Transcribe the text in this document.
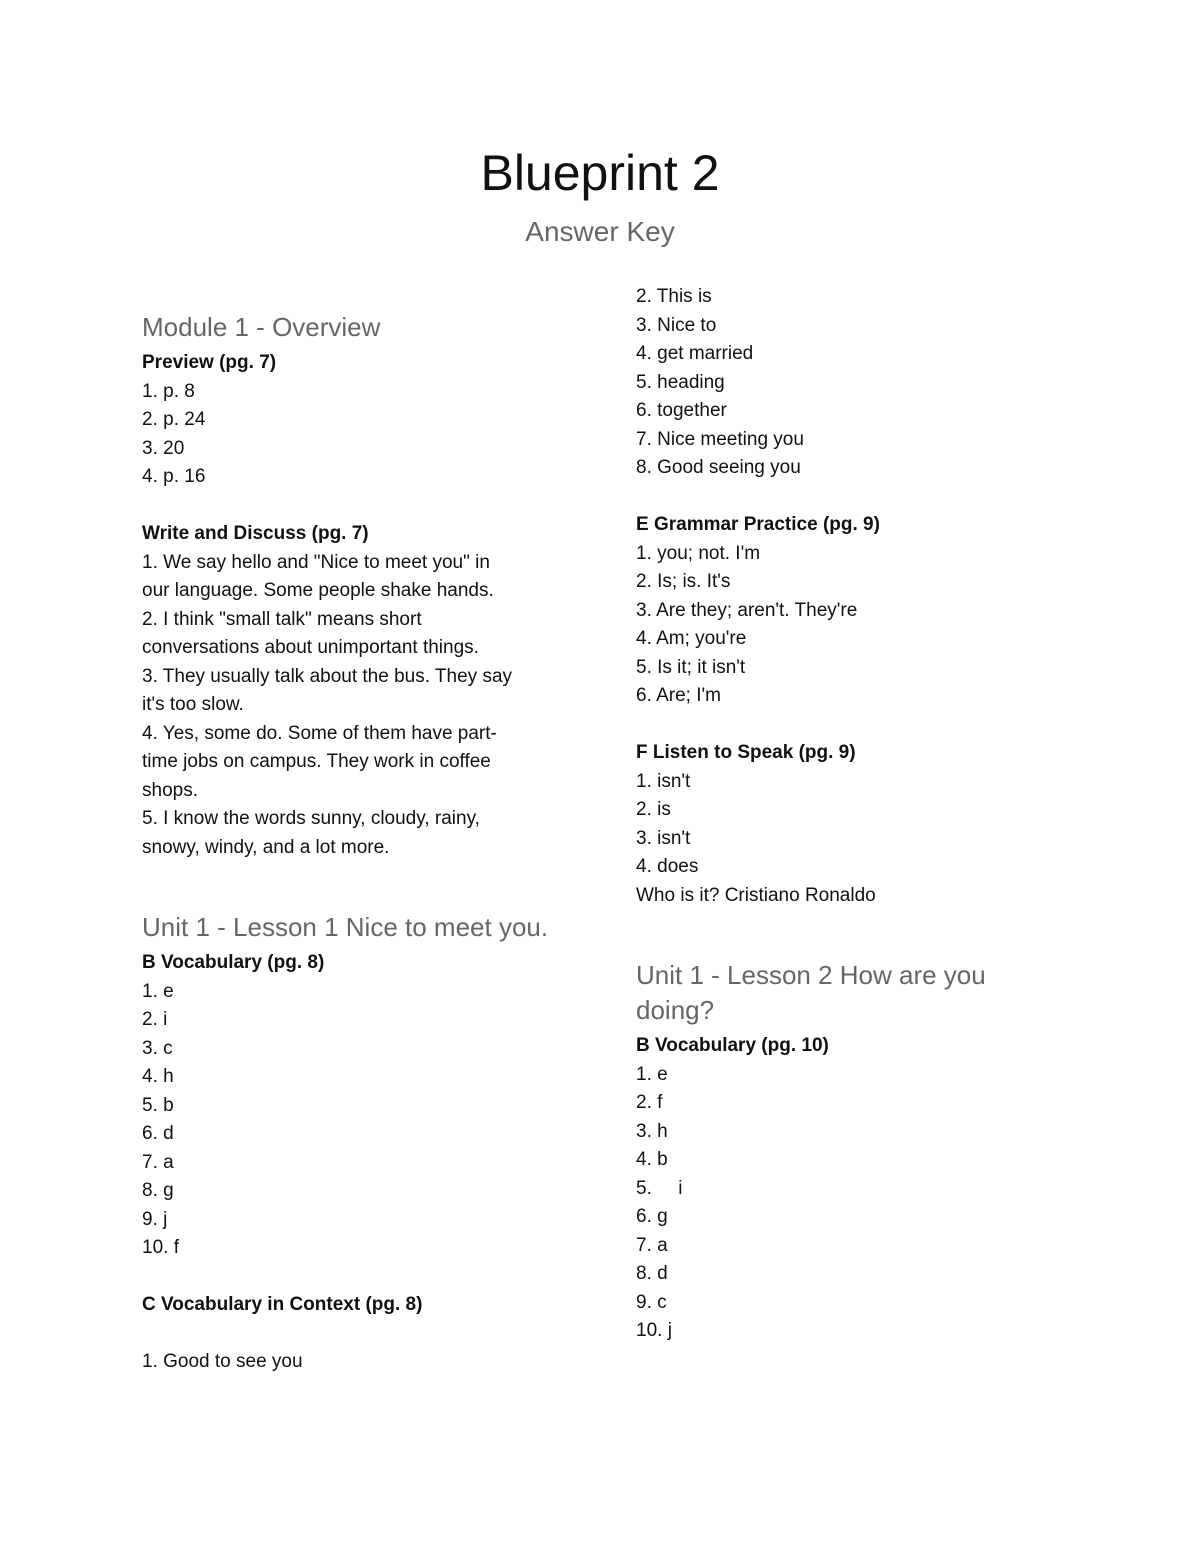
Blueprint 2
Answer Key
Module 1 - Overview
Preview (pg. 7)
1. p. 8
2. p. 24
3. 20
4. p. 16
Write and Discuss (pg. 7)
1. We say hello and "Nice to meet you" in
our language. Some people shake hands.
2. I think "small talk" means short
conversations about unimportant things.
3. They usually talk about the bus. They say
it's too slow.
4. Yes, some do. Some of them have part-
time jobs on campus. They work in coffee
shops.
5. I know the words sunny, cloudy, rainy,
snowy, windy, and a lot more.
Unit 1 - Lesson 1 Nice to meet you.
B Vocabulary (pg. 8)
1. e
2. i
3. c
4. h
5. b
6. d
7. a
8. g
9. j
10. f
C Vocabulary in Context (pg. 8)
1. Good to see you
2. This is
3. Nice to
4. get married
5. heading
6. together
7. Nice meeting you
8. Good seeing you
E Grammar Practice (pg. 9)
1. you; not. I'm
2. Is; is. It's
3. Are they; aren't. They're
4. Am; you're
5. Is it; it isn't
6. Are; I'm
F Listen to Speak (pg. 9)
1. isn't
2. is
3. isn't
4. does
Who is it? Cristiano Ronaldo
Unit 1 - Lesson 2 How are you
doing?
B Vocabulary (pg. 10)
1. e
2. f
3. h
4. b
5.     i
6. g
7. a
8. d
9. c
10. j
